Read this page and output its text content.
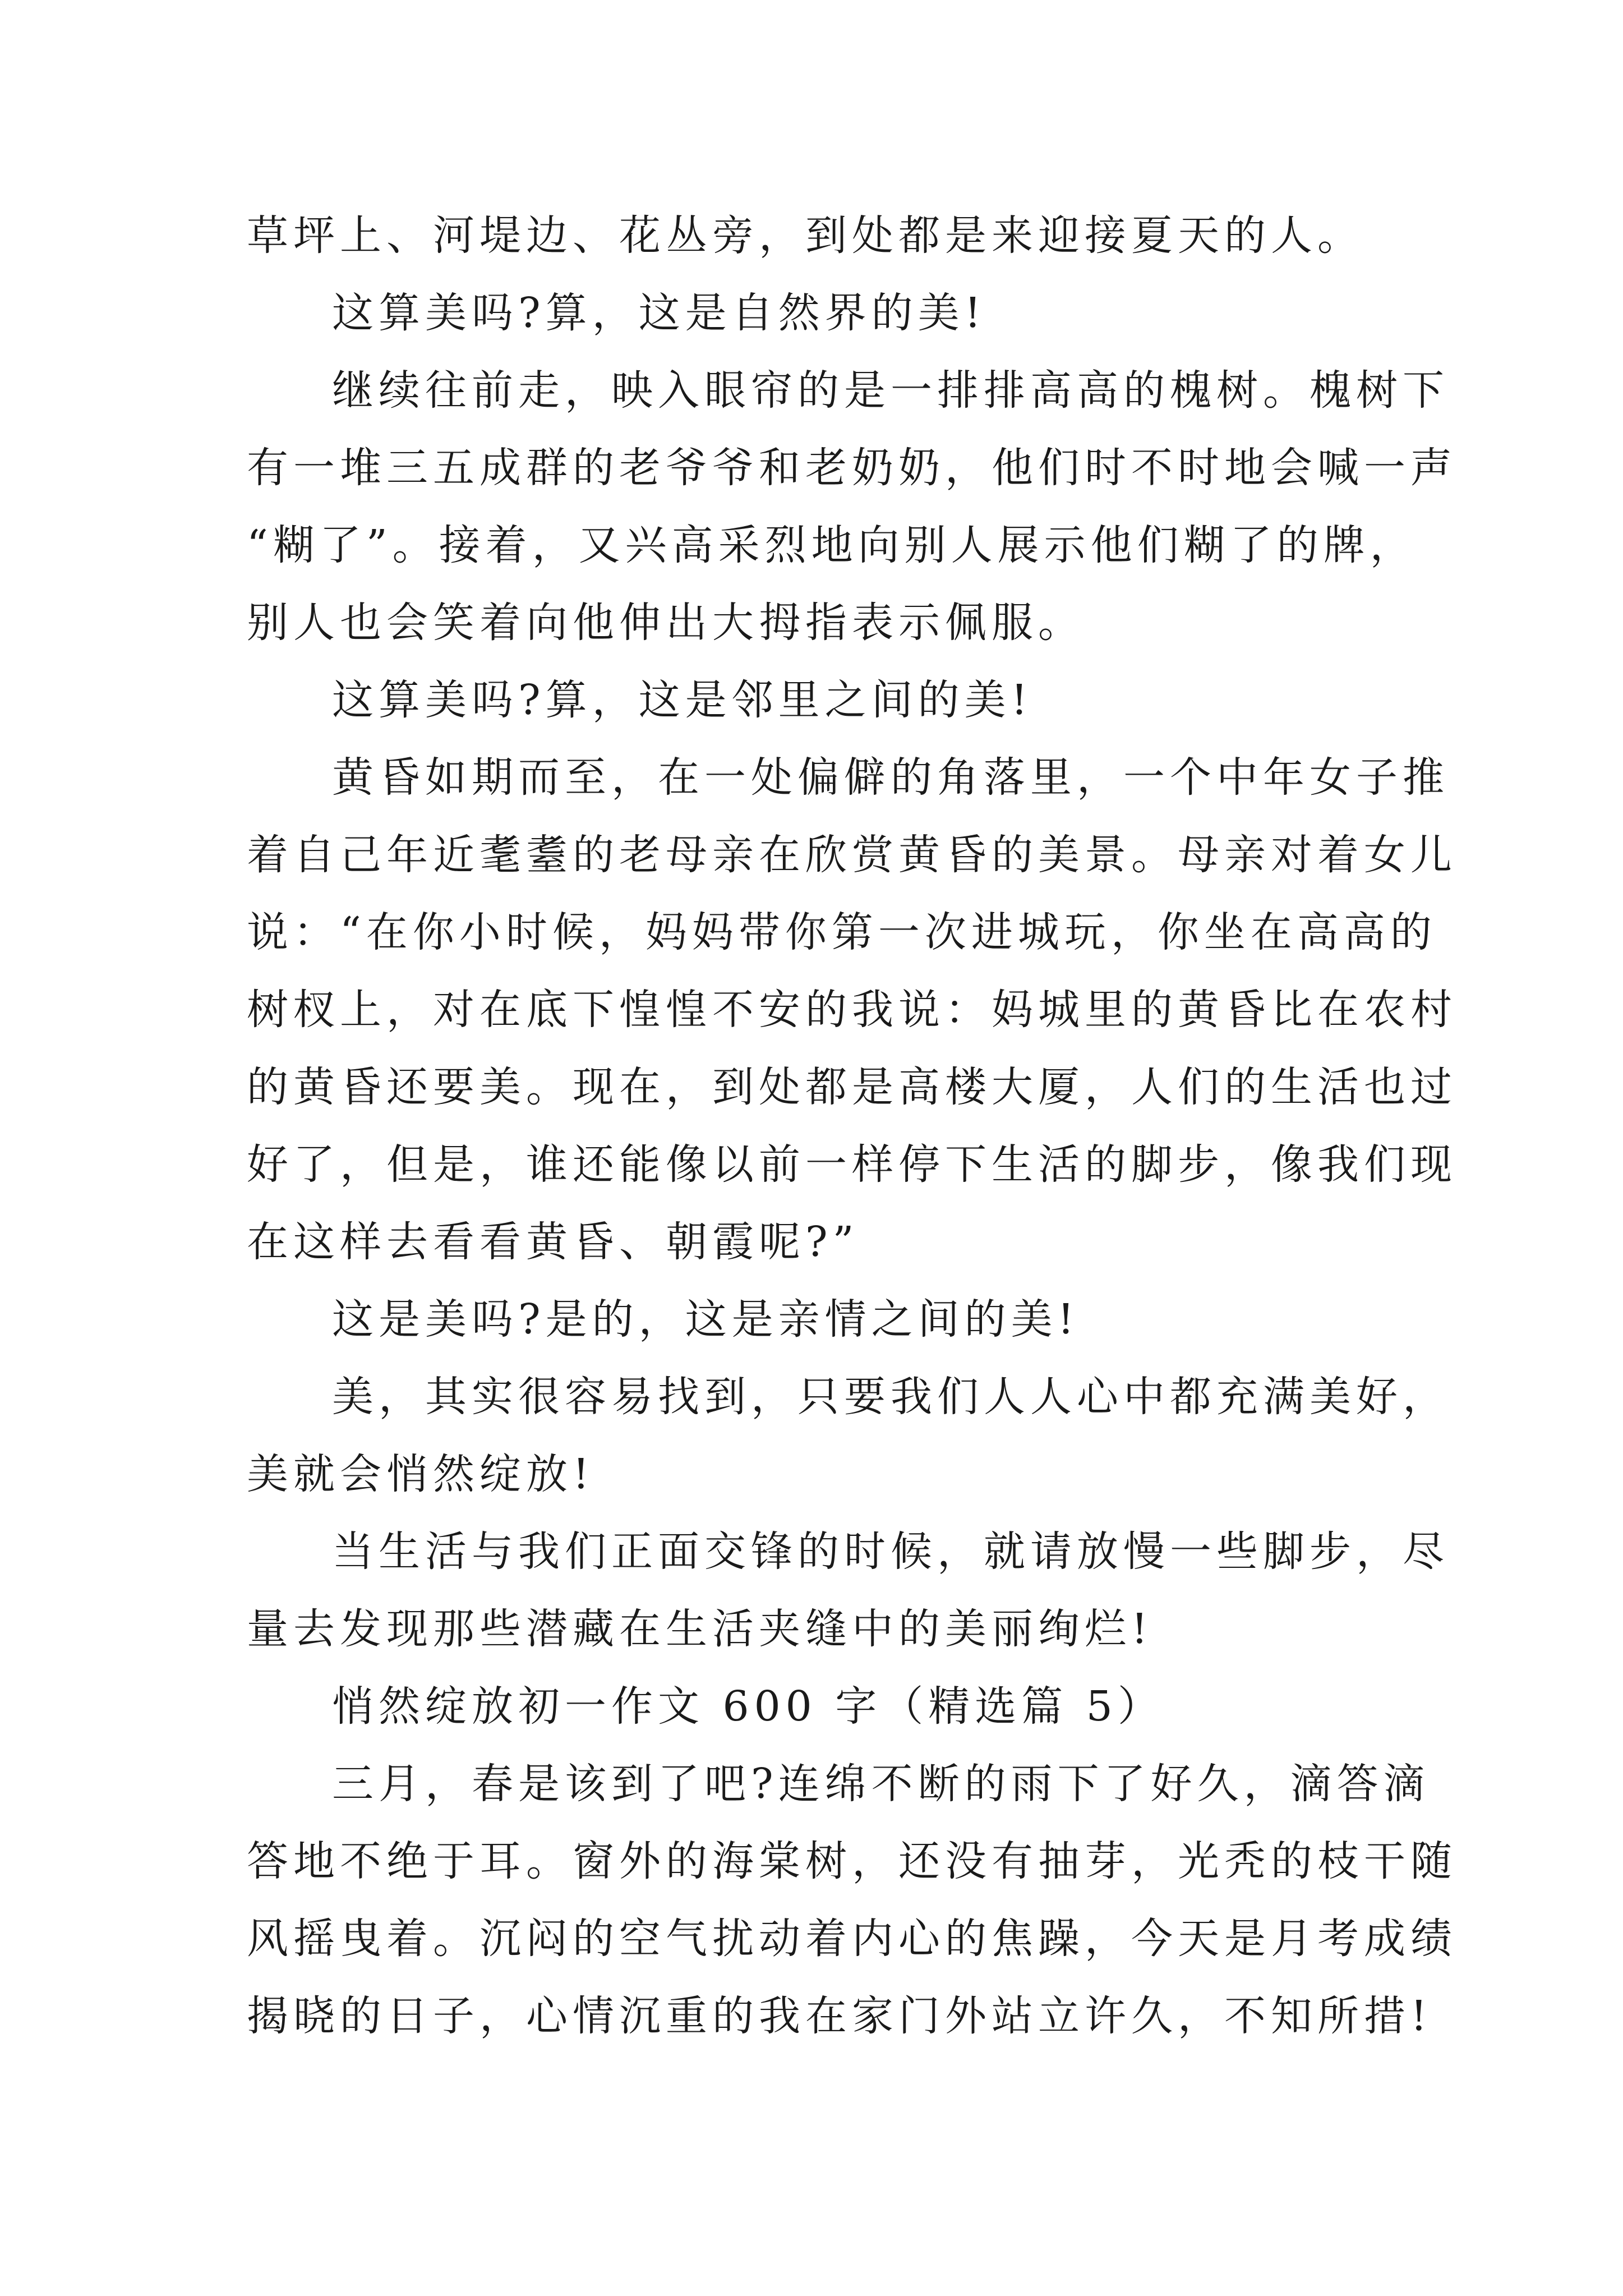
草坪上、河堤边、花丛旁，到处都是来迎接夏天的人。
这算美吗?算，这是自然界的美!
继续往前走，映入眼帘的是一排排高高的槐树。槐树下
有一堆三五成群的老爷爷和老奶奶，他们时不时地会喊一声
“糊了”。接着，又兴高采烈地向别人展示他们糊了的牌，
别人也会笑着向他伸出大拇指表示佩服。
这算美吗?算，这是邻里之间的美!
黄昏如期而至，在一处偏僻的角落里，一个中年女子推
着自己年近耄耋的老母亲在欣赏黄昏的美景。母亲对着女儿
说：“在你小时候，妈妈带你第一次进城玩，你坐在高高的
树杈上，对在底下惶惶不安的我说：妈城里的黄昏比在农村
的黄昏还要美。现在，到处都是高楼大厦，人们的生活也过
好了，但是，谁还能像以前一样停下生活的脚步，像我们现
在这样去看看黄昏、朝霞呢?”
这是美吗?是的，这是亲情之间的美!
美，其实很容易找到，只要我们人人心中都充满美好，
美就会悄然绽放!
当生活与我们正面交锋的时候，就请放慢一些脚步，尽
量去发现那些潜藏在生活夹缝中的美丽绚烂!
悄然绽放初一作文 600 字（精选篇 5）
三月，春是该到了吧?连绵不断的雨下了好久，滴答滴
答地不绝于耳。窗外的海棠树，还没有抽芽，光秃的枝干随
风摇曳着。沉闷的空气扰动着内心的焦躁，今天是月考成绩
揭晓的日子，心情沉重的我在家门外站立许久，不知所措!
